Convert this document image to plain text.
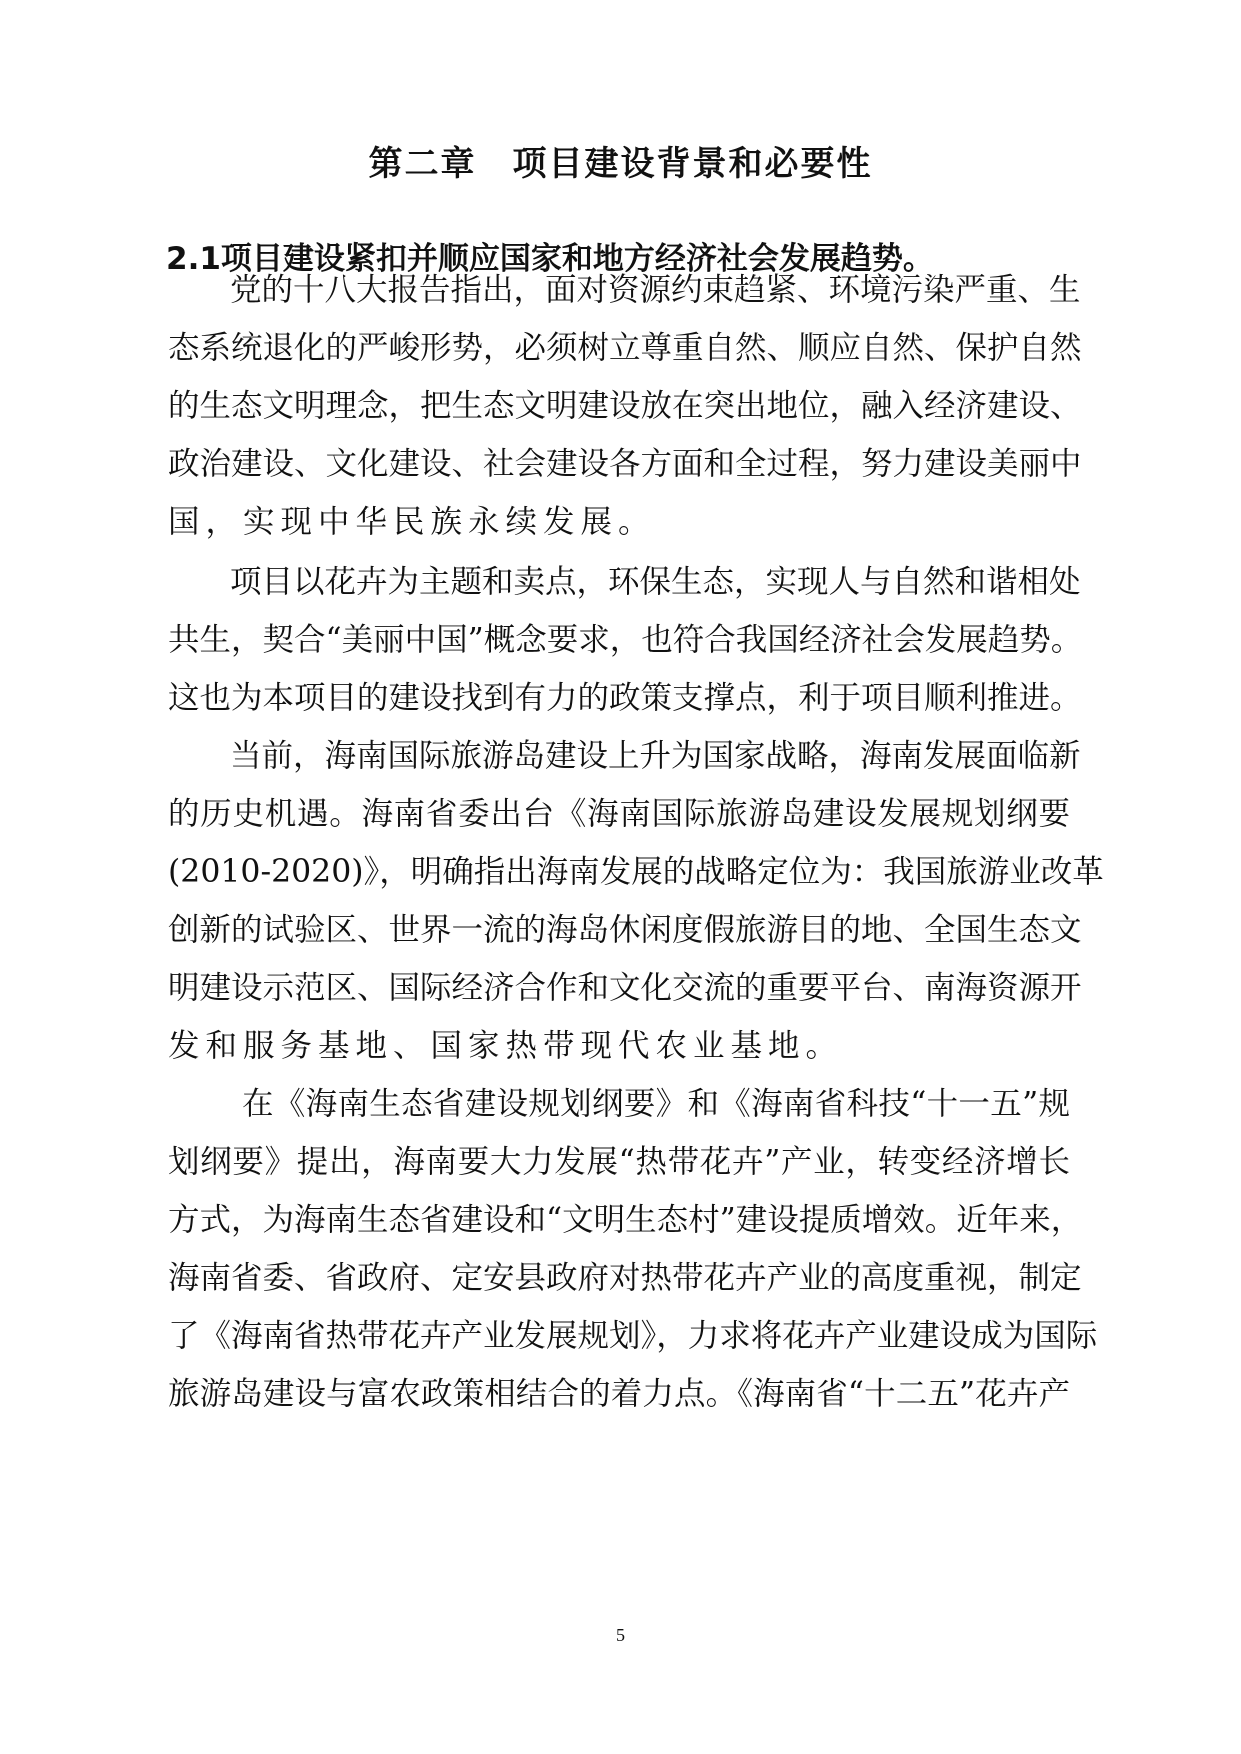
第二章　项目建设背景和必要性
2.1项目建设紧扣并顺应国家和地方经济社会发展趋势。
党的十八大报告指出，面对资源约束趋紧、环境污染严重、生
态系统退化的严峻形势，必须树立尊重自然、顺应自然、保护自然
的生态文明理念，把生态文明建设放在突出地位，融入经济建设、
政治建设、文化建设、社会建设各方面和全过程，努力建设美丽中
国，实现中华民族永续发展。
项目以花卉为主题和卖点，环保生态，实现人与自然和谐相处
共生，契合“美丽中国”概念要求，也符合我国经济社会发展趋势。
这也为本项目的建设找到有力的政策支撑点，利于项目顺利推进。
当前，海南国际旅游岛建设上升为国家战略，海南发展面临新
的历史机遇。海南省委出台《海南国际旅游岛建设发展规划纲要
(2010-2020)》，明确指出海南发展的战略定位为：我国旅游业改革
创新的试验区、世界一流的海岛休闲度假旅游目的地、全国生态文
明建设示范区、国际经济合作和文化交流的重要平台、南海资源开
发和服务基地、国家热带现代农业基地。
在《海南生态省建设规划纲要》和《海南省科技“十一五”规
划纲要》提出，海南要大力发展“热带花卉”产业，转变经济增长
方式，为海南生态省建设和“文明生态村”建设提质增效。近年来，
海南省委、省政府、定安县政府对热带花卉产业的高度重视，制定
了《海南省热带花卉产业发展规划》，力求将花卉产业建设成为国际
旅游岛建设与富农政策相结合的着力点。《海南省“十二五”花卉产
5
